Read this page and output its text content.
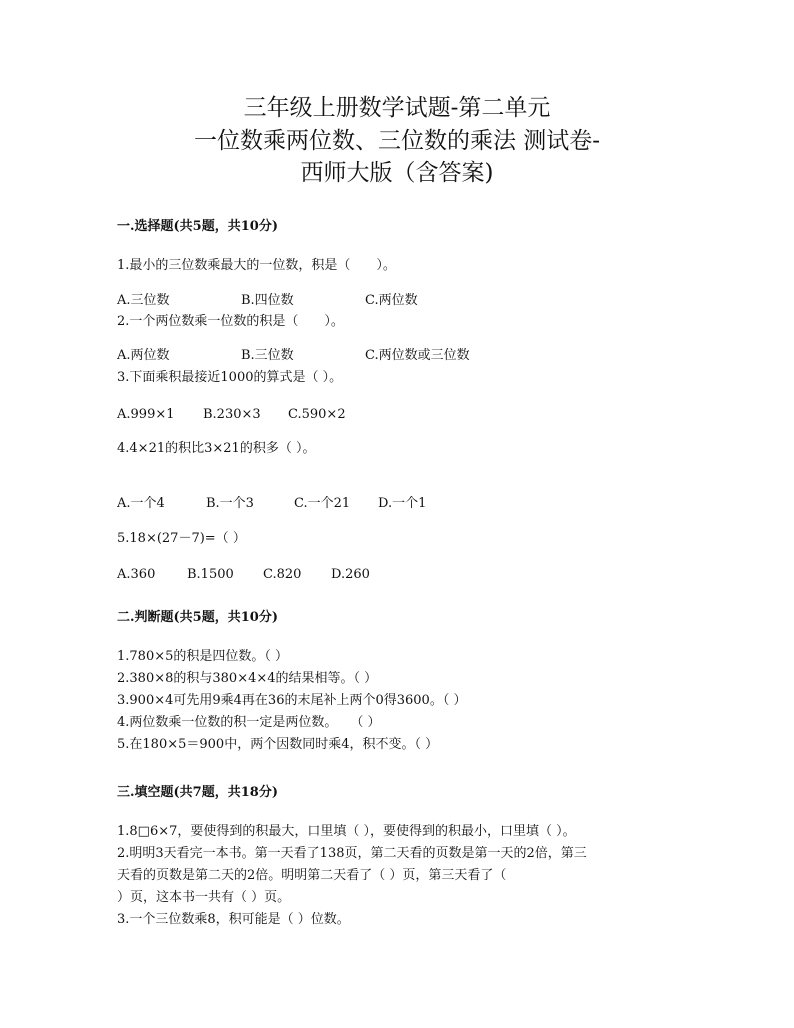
三年级上册数学试题-第二单元
一位数乘两位数、三位数的乘法 测试卷-
西师大版（含答案)
一.选择题(共5题，共10分)
1.最小的三位数乘最大的一位数，积是（　　）。
A.三位数	B.四位数	C.两位数
2.一个两位数乘一位数的积是（　　）。
A.两位数	B.三位数	C.两位数或三位数
3.下面乘积最接近1000的算式是（ ）。
A.999×1 B.230×3 C.590×2
4.4×21的积比3×21的积多（ ）。
A.一个4	B.一个3	C.一个21 D.一个1
5.18×(27－7)=（ ）
A.360 B.1500 C.820 D.260
二.判断题(共5题，共10分)
1.780×5的积是四位数。（ ）
2.380×8的积与380×4×4的结果相等。（ ）
3.900×4可先用9乘4再在36的末尾补上两个0得3600。（ ）
4.两位数乘一位数的积一定是两位数。　　（ ）
5.在180×5＝900中，两个因数同时乘4，积不变。（ ）
三.填空题(共7题，共18分)
1.8□6×7，要使得到的积最大，口里填（ ），要使得到的积最小，口里填（ ）。
2.明明3天看完一本书。第一天看了138页，第二天看的页数是第一天的2倍，第三
天看的页数是第二天的2倍。明明第二天看了（ ）页，第三天看了（
）页，这本书一共有（ ）页。
3.一个三位数乘8，积可能是（ ）位数。
